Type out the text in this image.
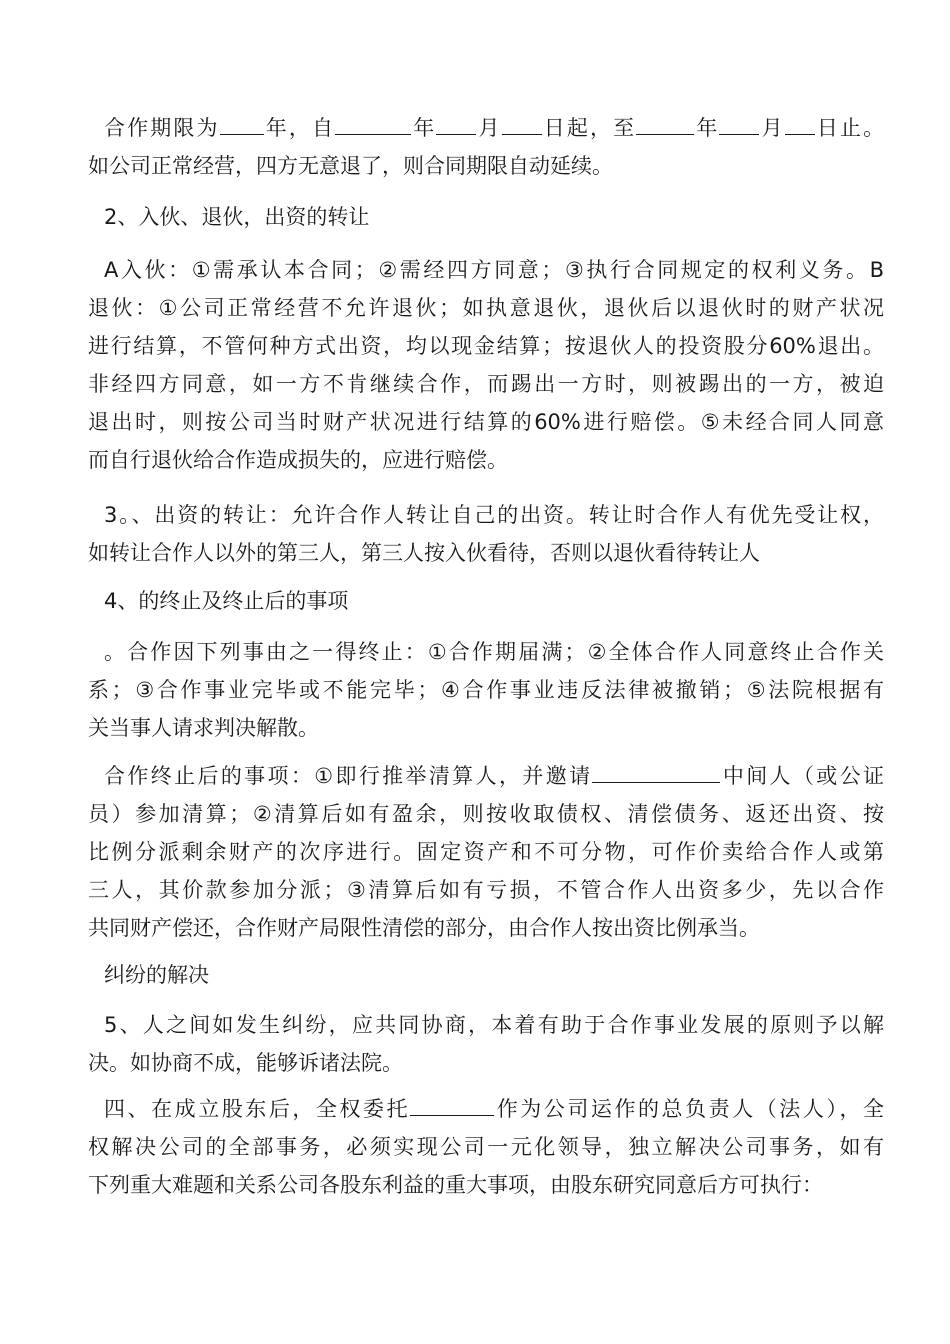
合作期限为 年，自	年 月 日起，至	年 月 日止。
如公司正常经营，四方无意退了，则合同期限自动延续。
2、入伙、退伙，出资的转让
A入伙：①需承认本合同；②需经四方同意；③执行合同规定的权利义务。B
退伙：①公司正常经营不允许退伙；如执意退伙，退伙后以退伙时的财产状况
进行结算，不管何种方式出资，均以现金结算；按退伙人的投资股分60%退出。
非经四方同意，如一方不肯继续合作，而踢出一方时，则被踢出的一方，被迫
退出时，则按公司当时财产状况进行结算的60%进行赔偿。⑤未经合同人同意
而自行退伙给合作造成损失的，应进行赔偿。
3。、出资的转让：允许合作人转让自己的出资。转让时合作人有优先受让权，
如转让合作人以外的第三人，第三人按入伙看待，否则以退伙看待转让人
4、的终止及终止后的事项
。合作因下列事由之一得终止：①合作期届满；②全体合作人同意终止合作关
系；③合作事业完毕或不能完毕；④合作事业违反法律被撤销；⑤法院根据有
关当事人请求判决解散。
合作终止后的事项：①即行推举清算人，并邀请	中间人（或公证
员）参加清算；②清算后如有盈余，则按收取债权、清偿债务、返还出资、按
比例分派剩余财产的次序进行。固定资产和不可分物，可作价卖给合作人或第
三人，其价款参加分派；③清算后如有亏损，不管合作人出资多少，先以合作
共同财产偿还，合作财产局限性清偿的部分，由合作人按出资比例承当。
纠纷的解决
5、人之间如发生纠纷，应共同协商，本着有助于合作事业发展的原则予以解
决。如协商不成，能够诉诸法院。
四、在成立股东后，全权委托	作为公司运作的总负责人（法人），全
权解决公司的全部事务，必须实现公司一元化领导，独立解决公司事务，如有
下列重大难题和关系公司各股东利益的重大事项，由股东研究同意后方可执行：
